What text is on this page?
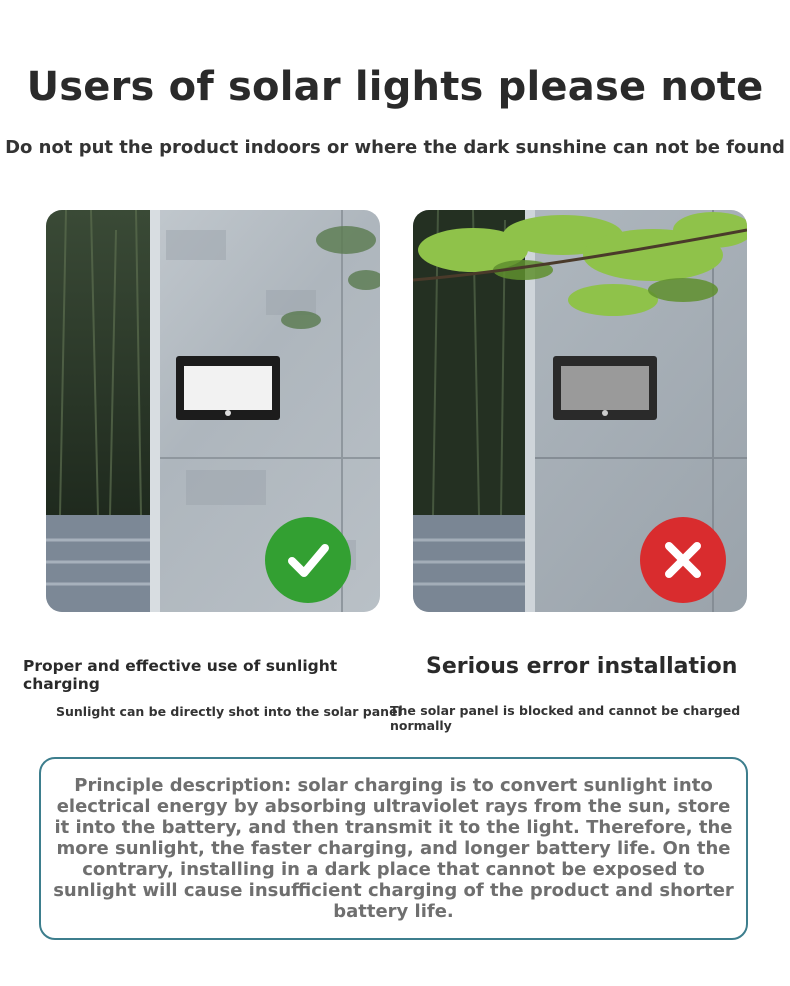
Users of solar lights please note
Do not put the product indoors or where the dark sunshine can not be found
Proper and effective use of sunlight charging
Serious error installation
Sunlight can be directly shot into the solar panel
The solar panel is blocked and cannot be charged normally

Principle description: solar charging is to convert sunlight into electrical energy by absorbing ultraviolet rays from the sun, store it into the battery, and then transmit it to the light. Therefore, the more sunlight, the faster charging, and longer battery life. On the contrary, installing in a dark place that cannot be exposed to sunlight will cause insufficient charging of the product and shorter battery life.
